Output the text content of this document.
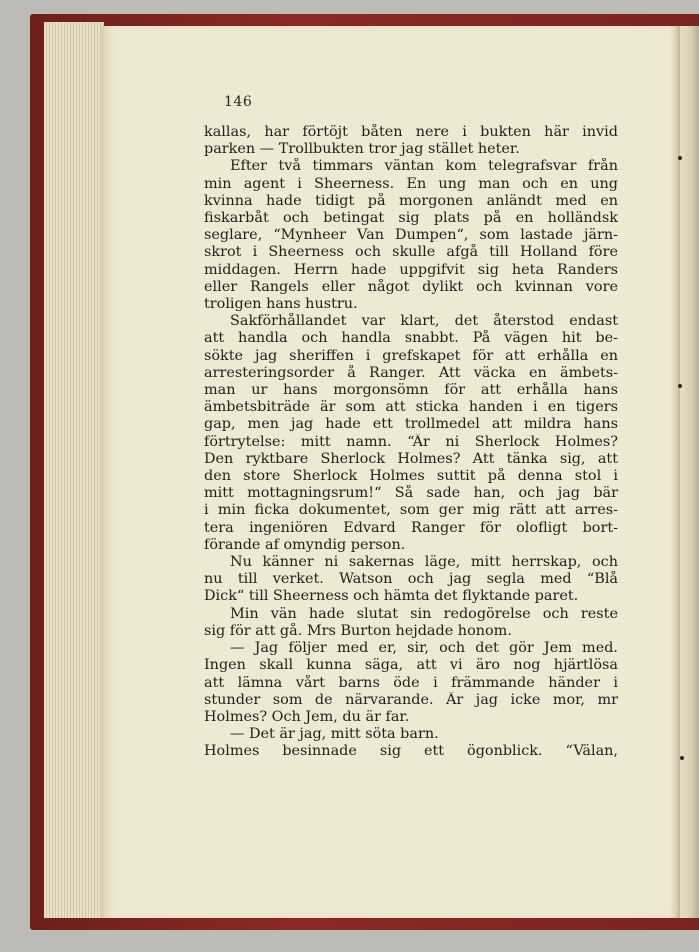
146
kallas, har förtöjt båten nere i bukten här invid
parken — Trollbukten tror jag stället heter.
Efter två timmars väntan kom telegrafsvar från
min agent i Sheerness. En ung man och en ung
kvinna hade tidigt på morgonen anländt med en
fiskarbåt och betingat sig plats på en holländsk
seglare, “Mynheer Van Dumpen“, som lastade järn-
skrot i Sheerness och skulle afgå till Holland före
middagen. Herrn hade uppgifvit sig heta Randers
eller Rangels eller något dylikt och kvinnan vore
troligen hans hustru.
Sakförhållandet var klart, det återstod endast
att handla och handla snabbt. På vägen hit be-
sökte jag sheriffen i grefskapet för att erhålla en
arresteringsorder å Ranger. Att väcka en ämbets-
man ur hans morgonsömn för att erhålla hans
ämbetsbiträde är som att sticka handen i en tigers
gap, men jag hade ett trollmedel att mildra hans
förtrytelse: mitt namn. “Är ni Sherlock Holmes?
Den ryktbare Sherlock Holmes? Att tänka sig, att
den store Sherlock Holmes suttit på denna stol i
mitt mottagningsrum!“ Så sade han, och jag bär
i min ficka dokumentet, som ger mig rätt att arres-
tera ingeniören Edvard Ranger för olofligt bort-
förande af omyndig person.
Nu känner ni sakernas läge, mitt herrskap, och
nu till verket. Watson och jag segla med “Blå
Dick“ till Sheerness och hämta det flyktande paret.
Min vän hade slutat sin redogörelse och reste
sig för att gå. Mrs Burton hejdade honom.
— Jag följer med er, sir, och det gör Jem med.
Ingen skall kunna säga, att vi äro nog hjärtlösa
att lämna vårt barns öde i främmande händer i
stunder som de närvarande. Är jag icke mor, mr
Holmes? Och Jem, du är far.
— Det är jag, mitt söta barn.
Holmes besinnade sig ett ögonblick. “Välan,
